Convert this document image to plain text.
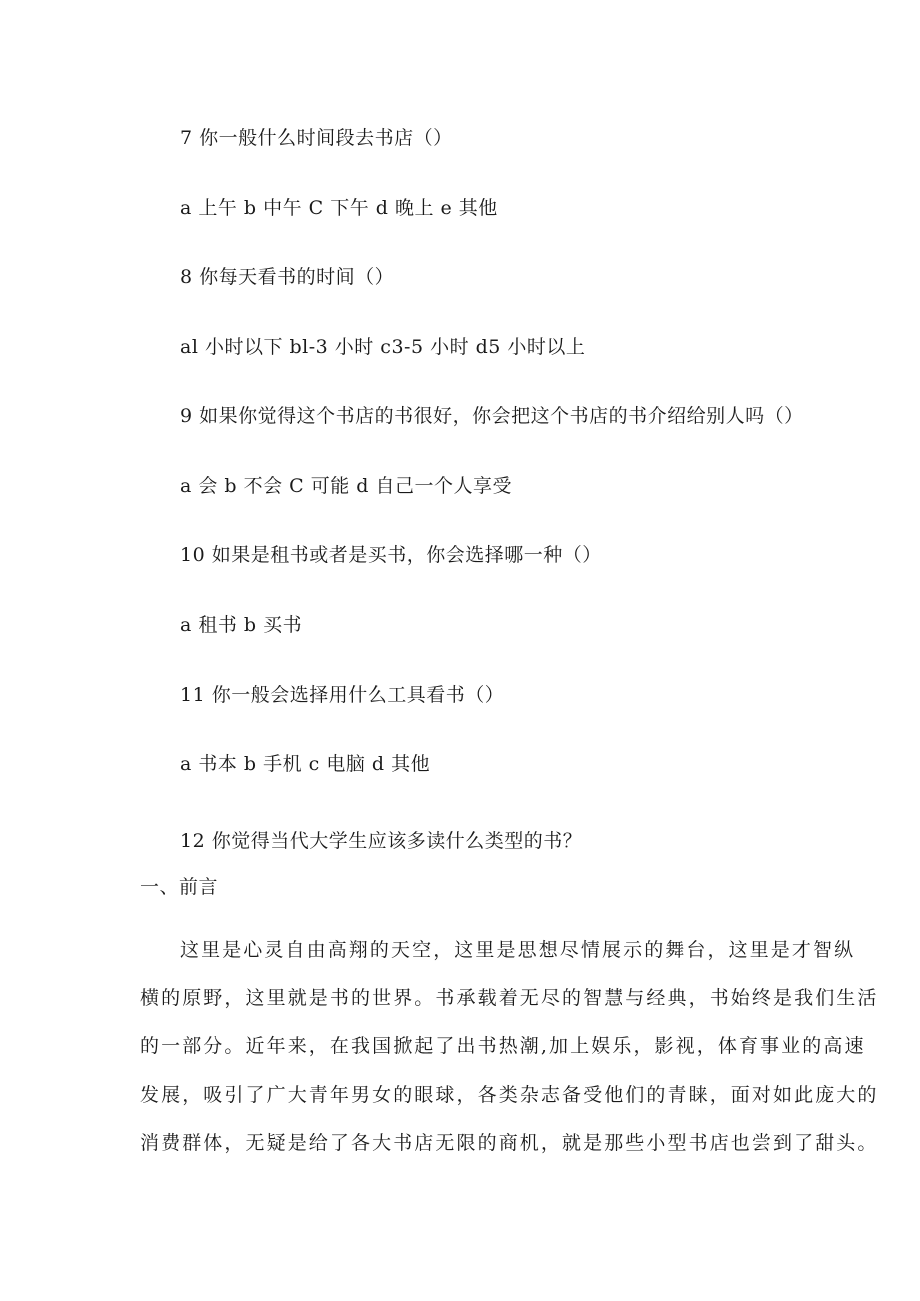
7 你一般什么时间段去书店（）
a 上午 b 中午 C 下午 d 晚上 e 其他
8 你每天看书的时间（）
al 小时以下 bl-3 小时 c3-5 小时 d5 小时以上
9 如果你觉得这个书店的书很好，你会把这个书店的书介绍给别人吗（）
a 会 b 不会 C 可能 d 自己一个人享受
10 如果是租书或者是买书，你会选择哪一种（）
a 租书 b 买书
11 你一般会选择用什么工具看书（）
a 书本 b 手机 c 电脑 d 其他
12 你觉得当代大学生应该多读什么类型的书？
一、前言
这里是心灵自由高翔的天空，这里是思想尽情展示的舞台，这里是才智纵
横的原野，这里就是书的世界。书承载着无尽的智慧与经典，书始终是我们生活
的一部分。近年来，在我国掀起了出书热潮,加上娱乐，影视，体育事业的高速
发展，吸引了广大青年男女的眼球，各类杂志备受他们的青睐，面对如此庞大的
消费群体，无疑是给了各大书店无限的商机，就是那些小型书店也尝到了甜头。
